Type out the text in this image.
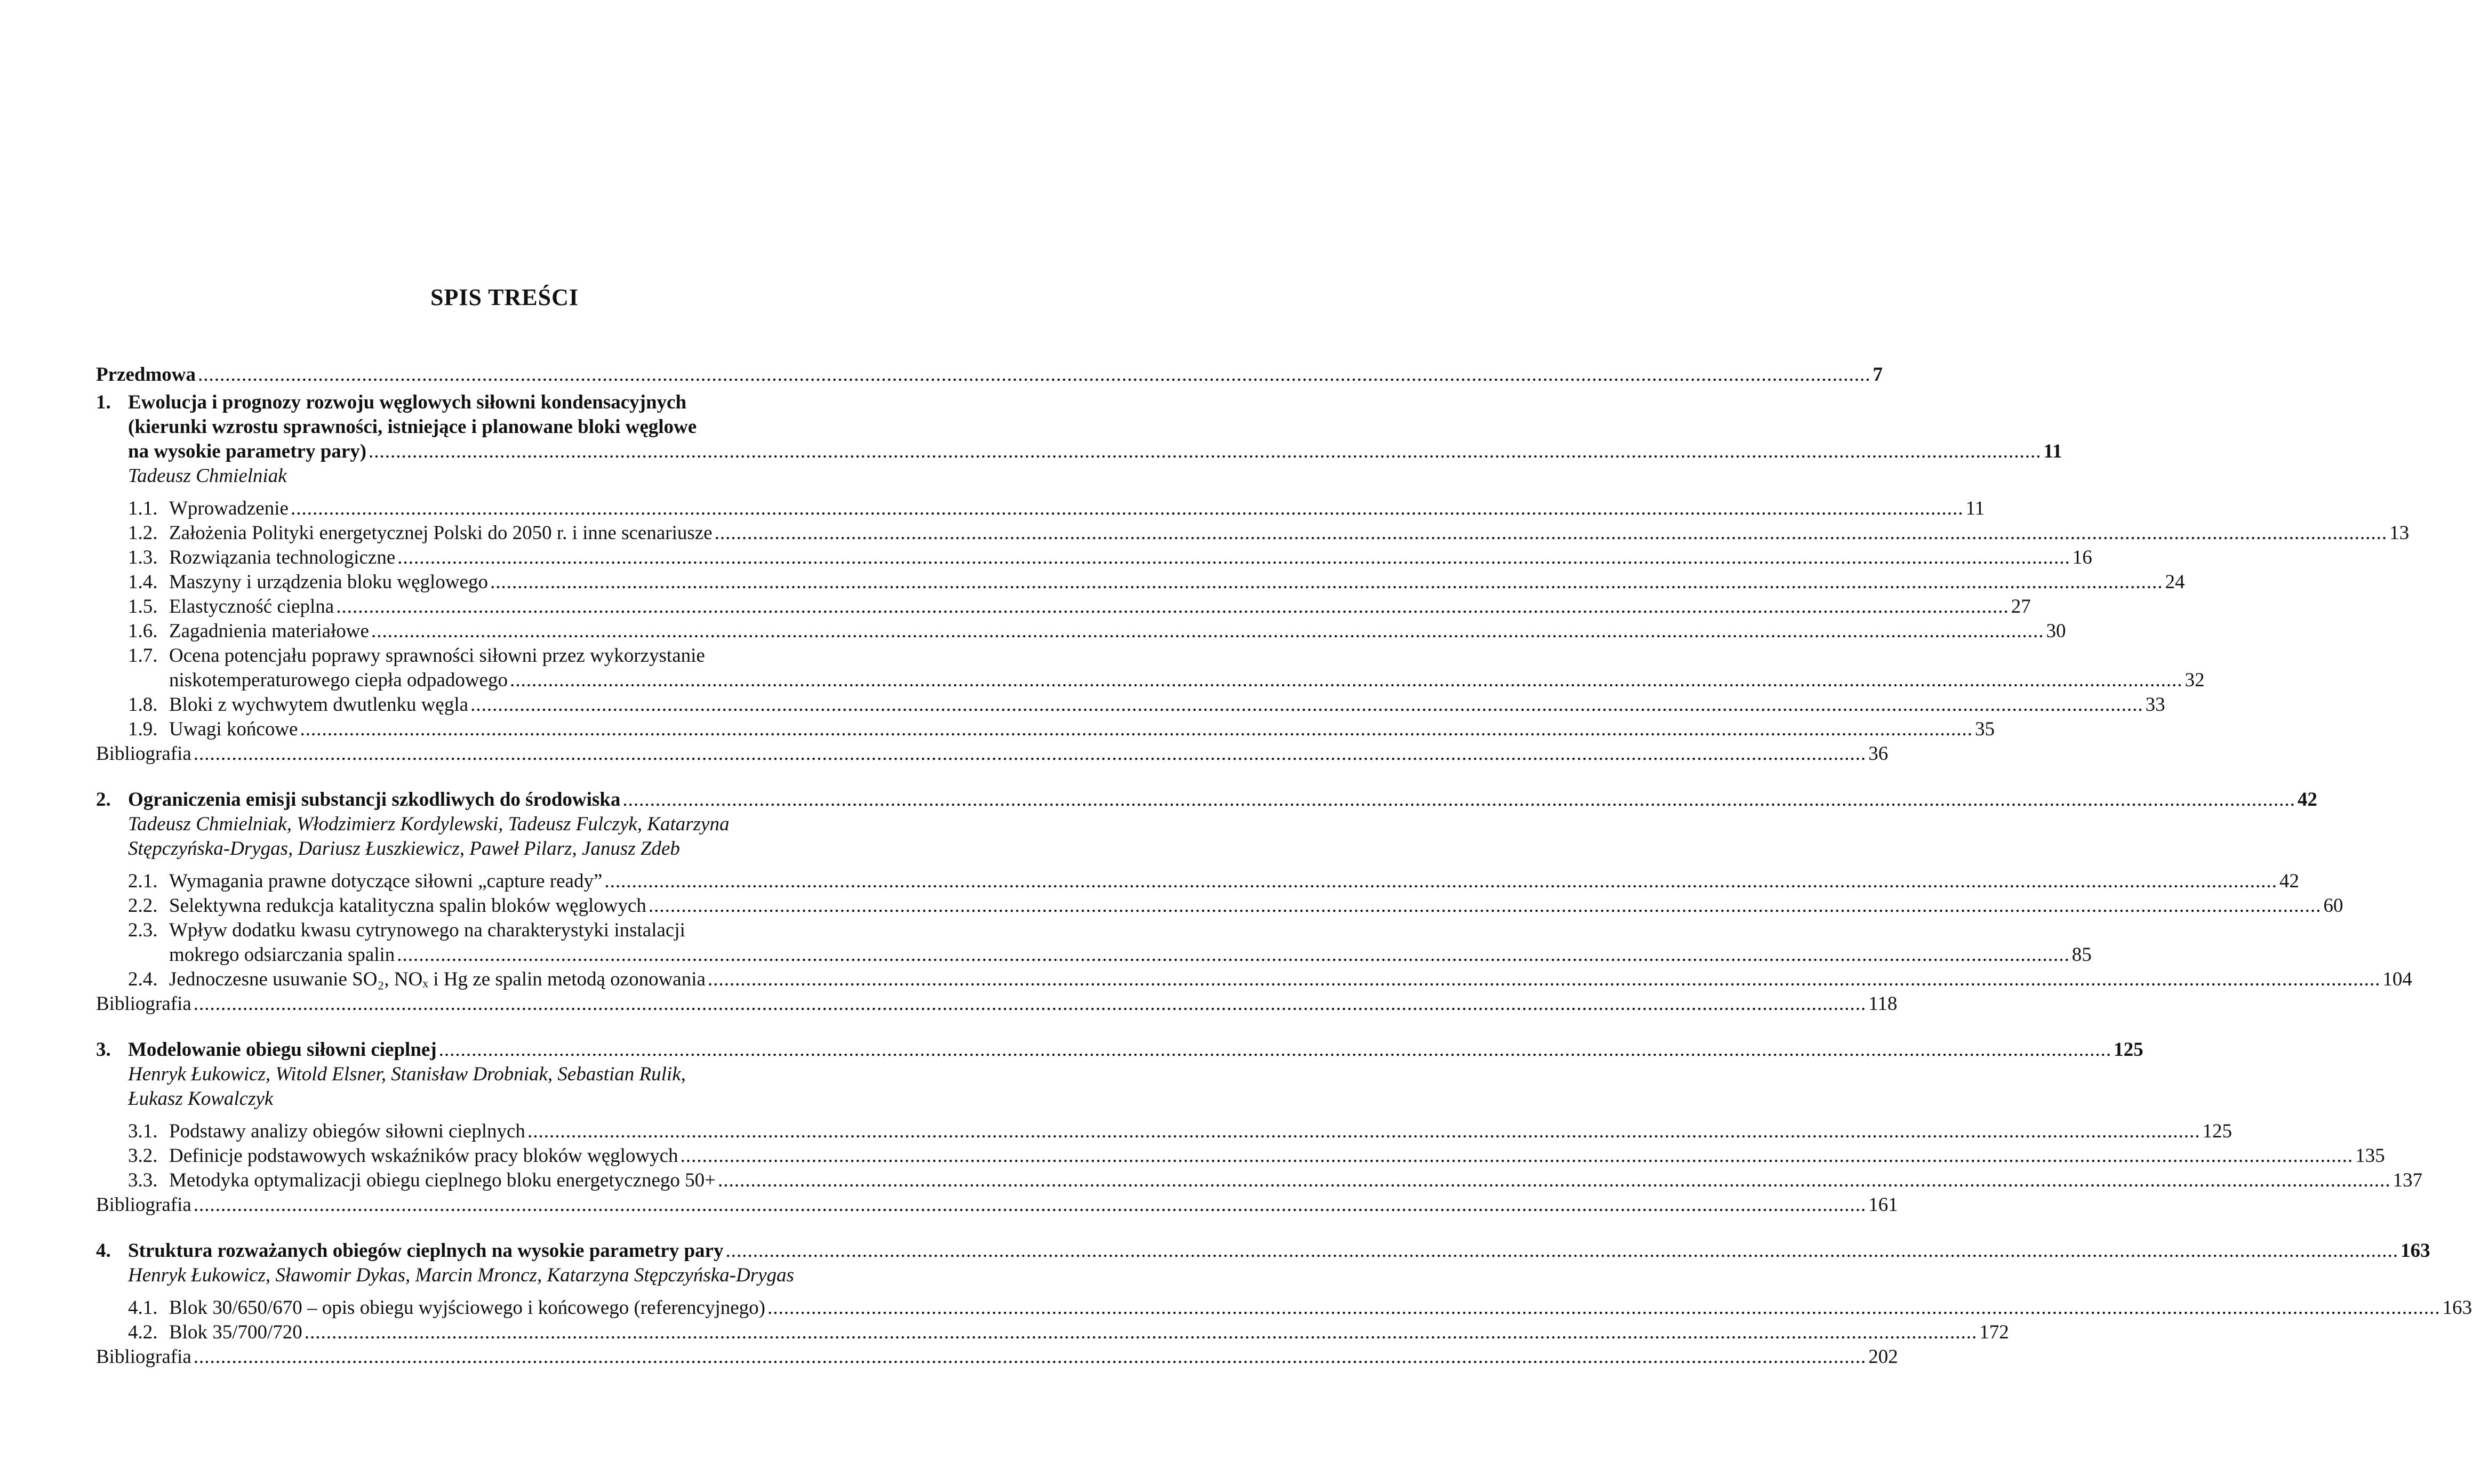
SPIS TREŚCI
Przedmowa .....	7
1. Ewolucja i prognozy rozwoju węglowych siłowni kondensacyjnych
(kierunki wzrostu sprawności, istniejące i planowane bloki węglowe
na wysokie parametry pary) .....	11
Tadeusz Chmielniak
1.1. Wprowadzenie .....	11
1.2. Założenia Polityki energetycznej Polski do 2050 r. i inne scenariusze .....	13
1.3. Rozwiązania technologiczne .....	16
1.4. Maszyny i urządzenia bloku węglowego .....	24
1.5. Elastyczność cieplna .....	27
1.6. Zagadnienia materiałowe .....	30
1.7. Ocena potencjału poprawy sprawności siłowni przez wykorzystanie
niskotemperaturowego ciepła odpadowego .....	32
1.8. Bloki z wychwytem dwutlenku węgla .....	33
1.9. Uwagi końcowe .....	35
Bibliografia .....	36
2. Ograniczenia emisji substancji szkodliwych do środowiska .....	42
Tadeusz Chmielniak, Włodzimierz Kordylewski, Tadeusz Fulczyk, Katarzyna
Stępczyńska-Drygas, Dariusz Łuszkiewicz, Paweł Pilarz, Janusz Zdeb
2.1. Wymagania prawne dotyczące siłowni „capture ready” .....	42
2.2. Selektywna redukcja katalityczna spalin bloków węglowych .....	60
2.3. Wpływ dodatku kwasu cytrynowego na charakterystyki instalacji
mokrego odsiarczania spalin .....	85
2.4. Jednoczesne usuwanie SO₂, NOₓ i Hg ze spalin metodą ozonowania .....	104
Bibliografia .....	118
3. Modelowanie obiegu siłowni cieplnej .....	125
Henryk Łukowicz, Witold Elsner, Stanisław Drobniak, Sebastian Rulik,
Łukasz Kowalczyk
3.1. Podstawy analizy obiegów siłowni cieplnych .....	125
3.2. Definicje podstawowych wskaźników pracy bloków węglowych .....	135
3.3. Metodyka optymalizacji obiegu cieplnego bloku energetycznego 50+ .....	137
Bibliografia .....	161
4. Struktura rozważanych obiegów cieplnych na wysokie parametry pary .....	163
Henryk Łukowicz, Sławomir Dykas, Marcin Mroncz, Katarzyna Stępczyńska-Drygas
4.1. Blok 30/650/670 – opis obiegu wyjściowego i końcowego (referencyjnego) .....	163
4.2. Blok 35/700/720 .....	172
Bibliografia .....	202
